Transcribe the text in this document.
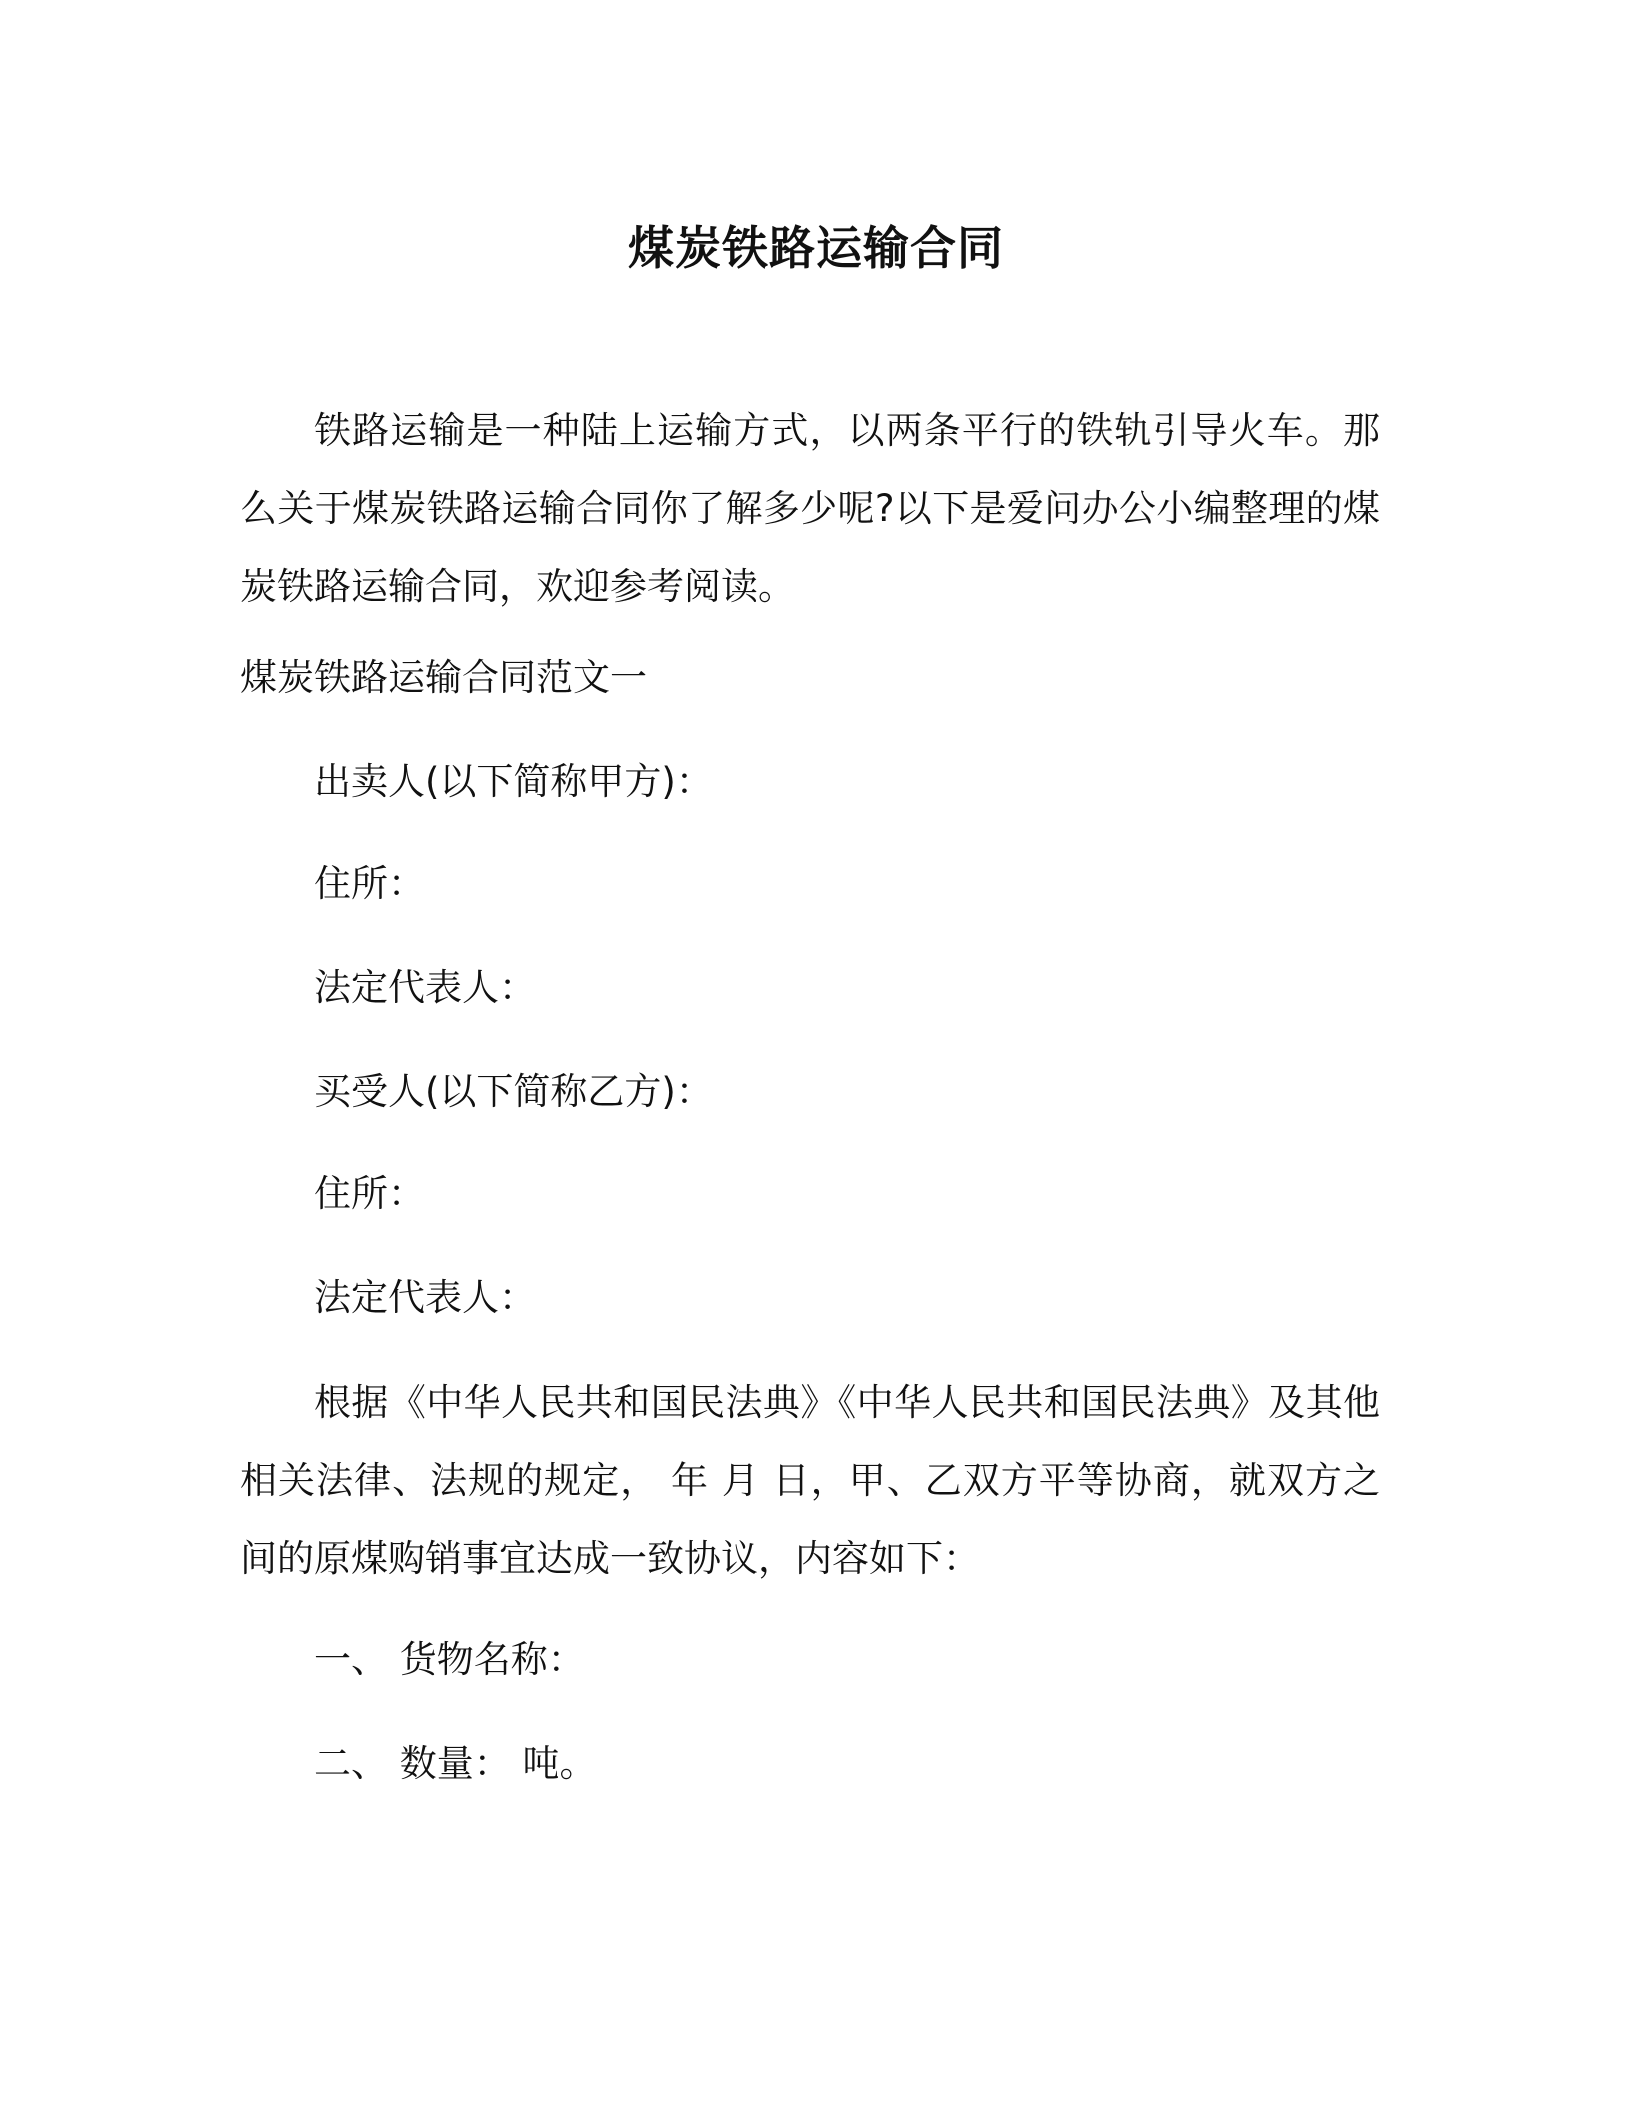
煤炭铁路运输合同
铁路运输是一种陆上运输方式，以两条平行的铁轨引导火车。那么关于煤炭铁路运输合同你了解多少呢?以下是爱问办公小编整理的煤炭铁路运输合同，欢迎参考阅读。
煤炭铁路运输合同范文一
出卖人(以下简称甲方)：
住所：
法定代表人：
买受人(以下简称乙方)：
住所：
法定代表人：
根据《中华人民共和国民法典》《中华人民共和国民法典》及其他相关法律、法规的规定， 年 月 日，甲、乙双方平等协商，就双方之间的原煤购销事宜达成一致协议，内容如下：
一、 货物名称：
二、 数量： 吨。
